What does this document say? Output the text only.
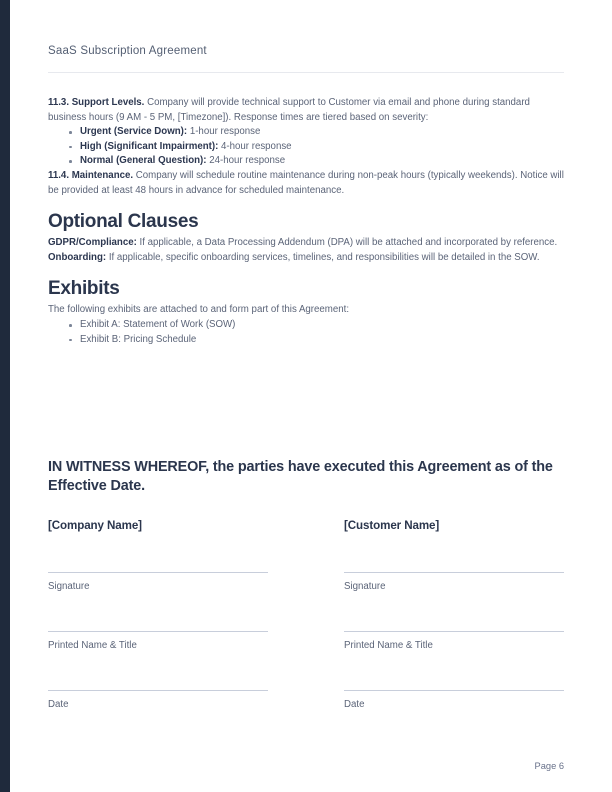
SaaS Subscription Agreement

11.3. Support Levels. Company will provide technical support to Customer via email and phone during standard business hours (9 AM - 5 PM, [Timezone]). Response times are tiered based on severity:

Urgent (Service Down): 1-hour response
High (Significant Impairment): 4-hour response
Normal (General Question): 24-hour response

11.4. Maintenance. Company will schedule routine maintenance during non-peak hours (typically weekends). Notice will be provided at least 48 hours in advance for scheduled maintenance.

Optional Clauses

GDPR/Compliance: If applicable, a Data Processing Addendum (DPA) will be attached and incorporated by reference.

Onboarding: If applicable, specific onboarding services, timelines, and responsibilities will be detailed in the SOW.

Exhibits

The following exhibits are attached to and form part of this Agreement:

Exhibit A: Statement of Work (SOW)
Exhibit B: Pricing Schedule
IN WITNESS WHEREOF, the parties have executed this Agreement as of the Effective Date.
[Company Name]
Signature
Printed Name & Title
Date
[Customer Name]
Signature
Printed Name & Title
Date
Page 6
